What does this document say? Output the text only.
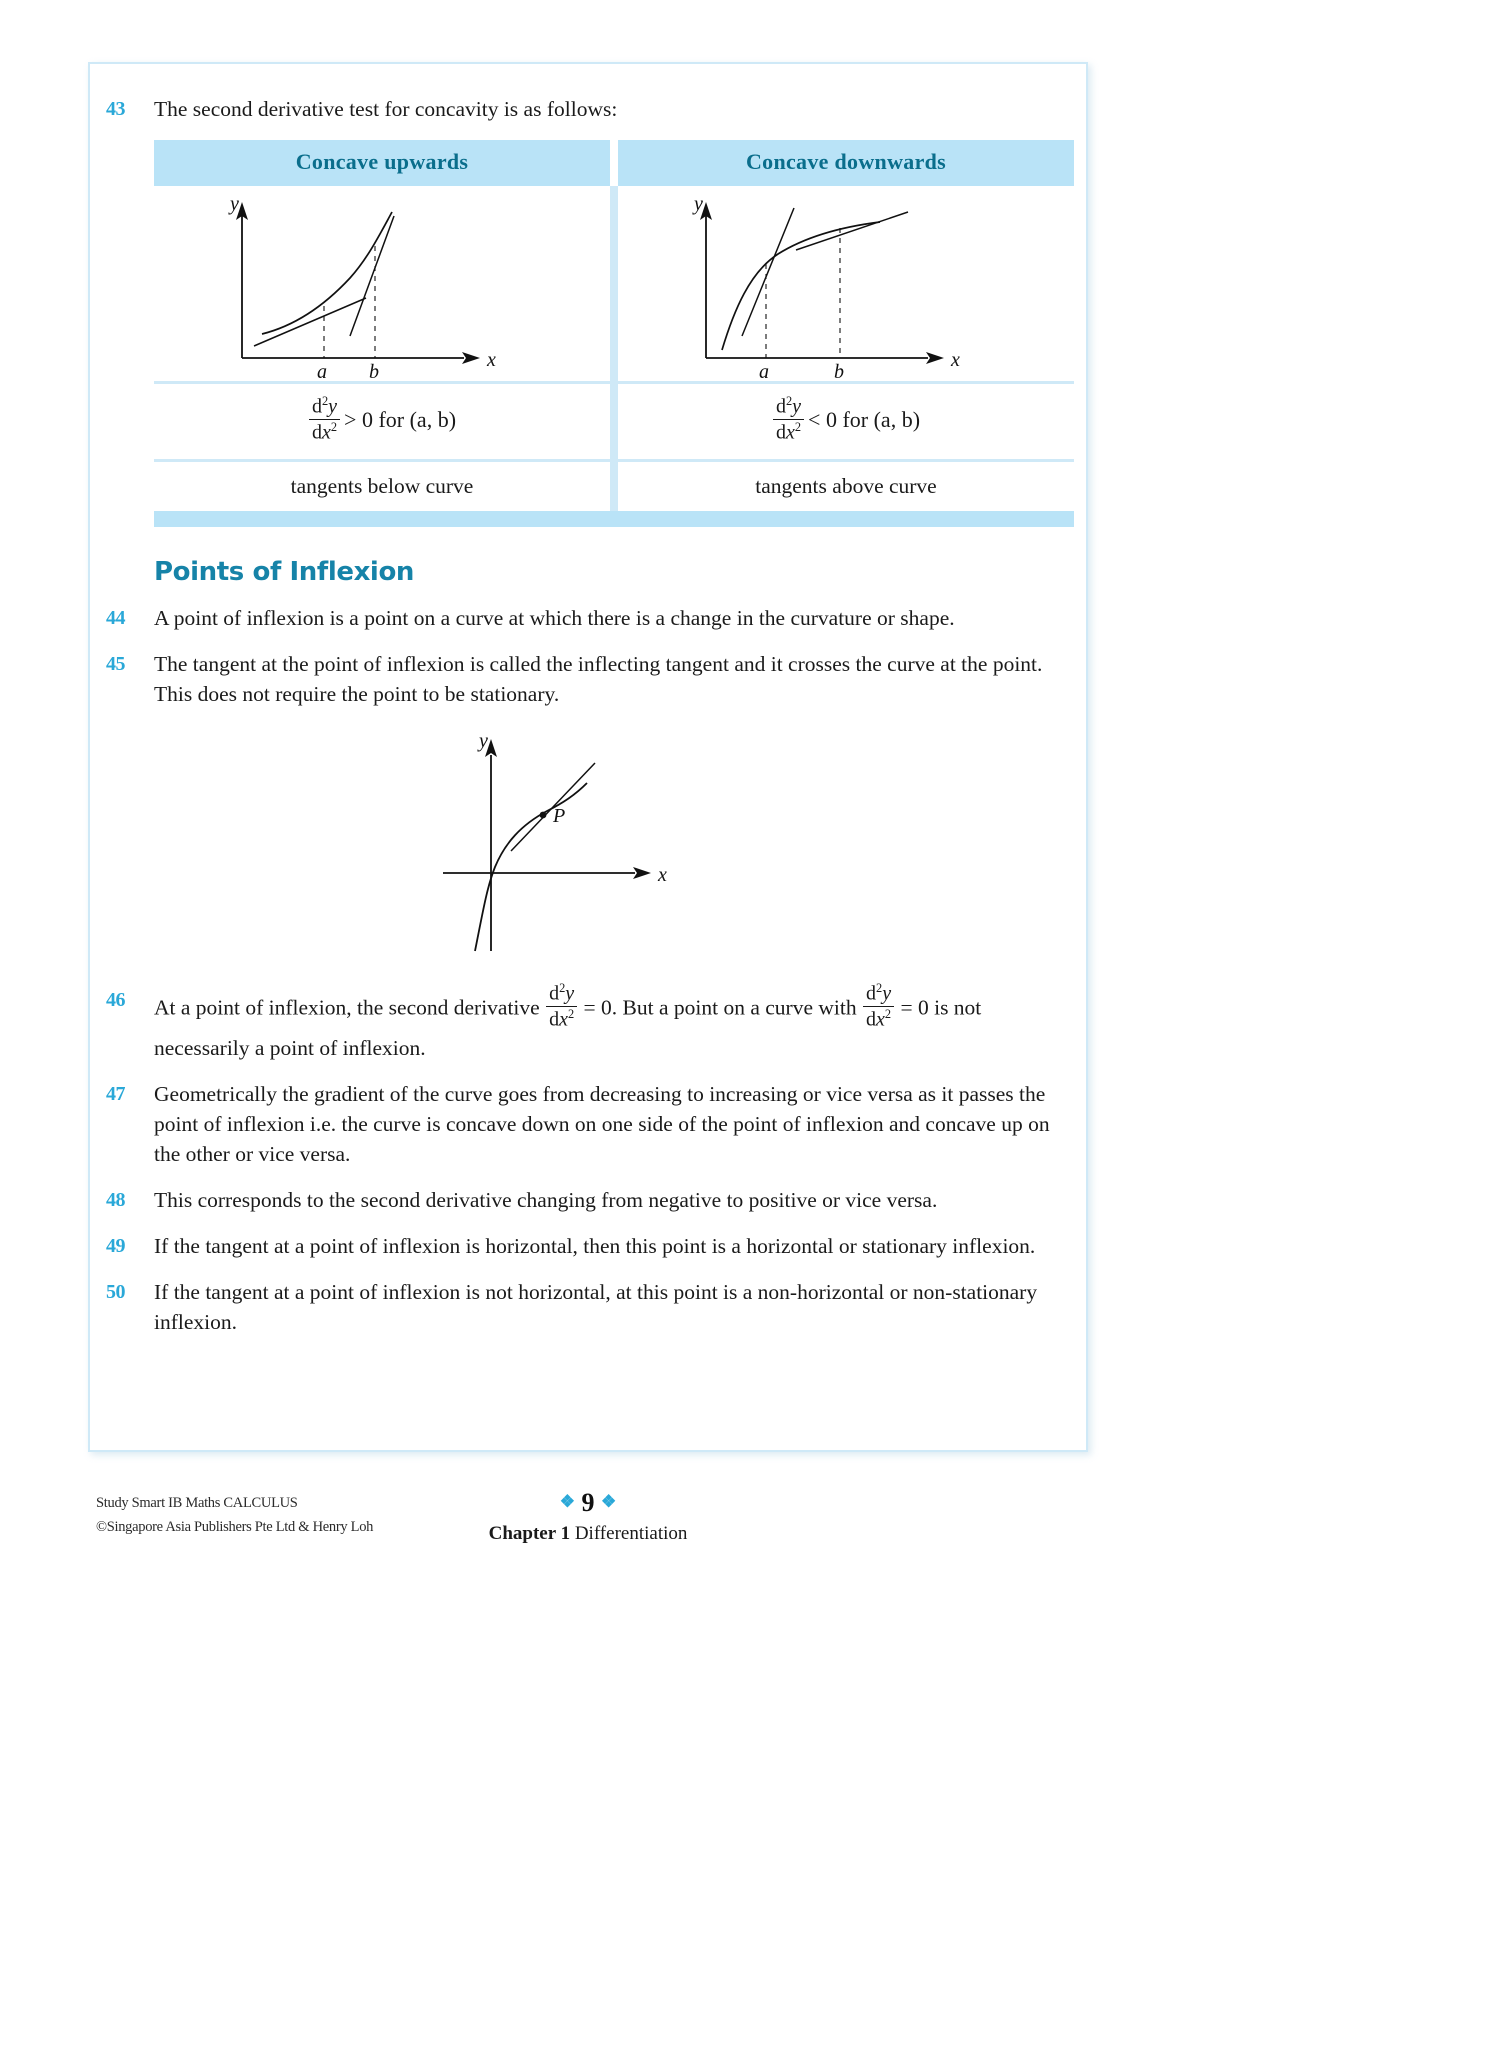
43	The second derivative test for concavity is as follows:
Concave upwards	Concave downwards
y
x
a b
y
x
a	b
$\frac{d^2y}{dx^2} > 0$ for (a, b)	$\frac{d^2y}{dx^2} < 0$ for (a, b)
tangents below curve	tangents above curve
Points of Inflexion
44	A point of inflexion is a point on a curve at which there is a change in the curvature or shape.
45	The tangent at the point of inflexion is called the inflecting tangent and it crosses the curve at the point. This does not require the point to be stationary.
y
x
P
46	At a point of inflexion, the second derivative $\frac{d^2y}{dx^2} = 0$. But a point on a curve with $\frac{d^2y}{dx^2} = 0$ is not necessarily a point of inflexion.
47	Geometrically the gradient of the curve goes from decreasing to increasing or vice versa as it passes the point of inflexion i.e. the curve is concave down on one side of the point of inflexion and concave up on the other or vice versa.
48	This corresponds to the second derivative changing from negative to positive or vice versa.
49	If the tangent at a point of inflexion is horizontal, then this point is a horizontal or stationary inflexion.
50	If the tangent at a point of inflexion is not horizontal, at this point is a non-horizontal or non-stationary inflexion.
Study Smart IB Maths CALCULUS
©Singapore Asia Publishers Pte Ltd & Henry Loh
❖ 9 ❖
Chapter 1 Differentiation
